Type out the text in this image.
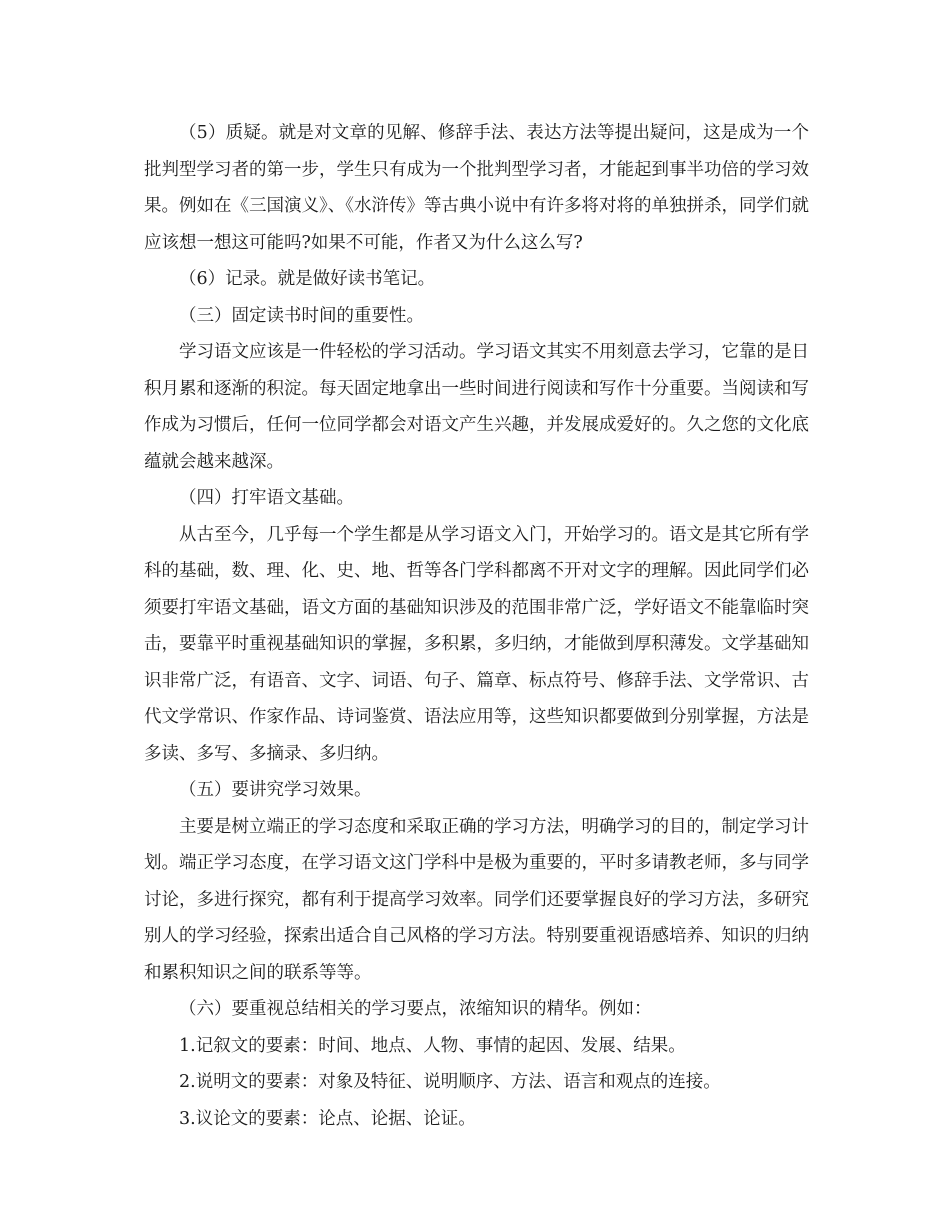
（5）质疑。就是对文章的见解、修辞手法、表达方法等提出疑问，这是成为一个批判型学习者的第一步，学生只有成为一个批判型学习者，才能起到事半功倍的学习效果。例如在《三国演义》、《水浒传》等古典小说中有许多将对将的单独拼杀，同学们就应该想一想这可能吗?如果不可能，作者又为什么这么写?

（6）记录。就是做好读书笔记。

（三）固定读书时间的重要性。

学习语文应该是一件轻松的学习活动。学习语文其实不用刻意去学习，它靠的是日积月累和逐渐的积淀。每天固定地拿出一些时间进行阅读和写作十分重要。当阅读和写作成为习惯后，任何一位同学都会对语文产生兴趣，并发展成爱好的。久之您的文化底蕴就会越来越深。

（四）打牢语文基础。

从古至今，几乎每一个学生都是从学习语文入门，开始学习的。语文是其它所有学科的基础，数、理、化、史、地、哲等各门学科都离不开对文字的理解。因此同学们必须要打牢语文基础，语文方面的基础知识涉及的范围非常广泛，学好语文不能靠临时突击，要靠平时重视基础知识的掌握，多积累，多归纳，才能做到厚积薄发。文学基础知识非常广泛，有语音、文字、词语、句子、篇章、标点符号、修辞手法、文学常识、古代文学常识、作家作品、诗词鉴赏、语法应用等，这些知识都要做到分别掌握，方法是多读、多写、多摘录、多归纳。

（五）要讲究学习效果。

主要是树立端正的学习态度和采取正确的学习方法，明确学习的目的，制定学习计划。端正学习态度，在学习语文这门学科中是极为重要的，平时多请教老师，多与同学讨论，多进行探究，都有利于提高学习效率。同学们还要掌握良好的学习方法，多研究别人的学习经验，探索出适合自己风格的学习方法。特别要重视语感培养、知识的归纳和累积知识之间的联系等等。

（六）要重视总结相关的学习要点，浓缩知识的精华。例如：

1.记叙文的要素：时间、地点、人物、事情的起因、发展、结果。

2.说明文的要素：对象及特征、说明顺序、方法、语言和观点的连接。

3.议论文的要素：论点、论据、论证。
